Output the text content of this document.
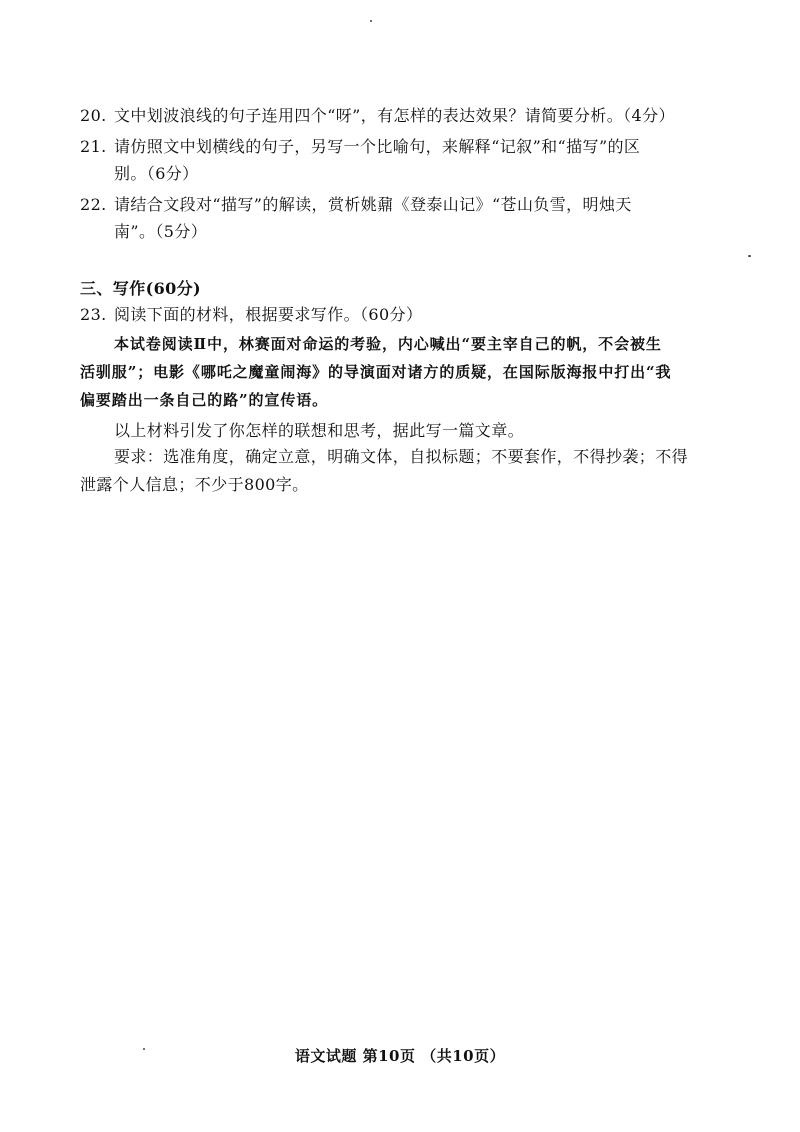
20. 文中划波浪线的句子连用四个“呀”，有怎样的表达效果？请简要分析。（4分）
21. 请仿照文中划横线的句子，另写一个比喻句，来解释“记叙”和“描写”的区
别。（6分）
22. 请结合文段对“描写”的解读，赏析姚鼐《登泰山记》“苍山负雪，明烛天
南”。（5分）
三、写作(60分)
23. 阅读下面的材料，根据要求写作。（60分）
本试卷阅读Ⅱ中，林赛面对命运的考验，内心喊出“要主宰自己的帆，不会被生
活驯服”；电影《哪吒之魔童闹海》的导演面对诸方的质疑，在国际版海报中打出“我
偏要踏出一条自己的路”的宣传语。
以上材料引发了你怎样的联想和思考，据此写一篇文章。
要求：选准角度，确定立意，明确文体，自拟标题；不要套作，不得抄袭；不得
泄露个人信息；不少于800字。
语文试题 第10页 （共10页）
